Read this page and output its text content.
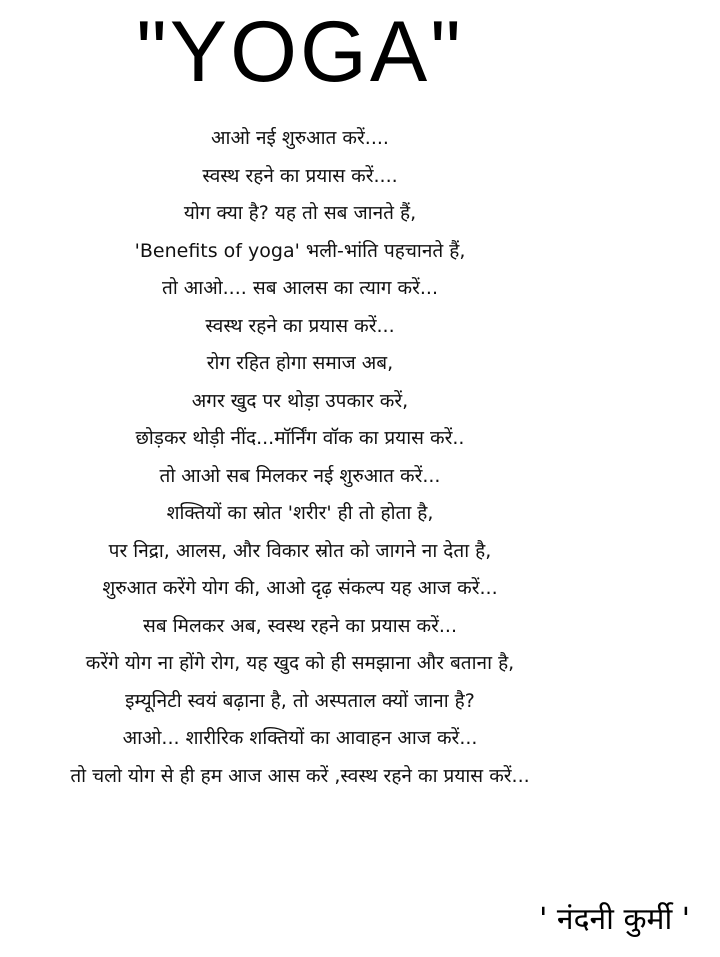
"YOGA"
आओ नई शुरुआत करें....
स्वस्थ रहने का प्रयास करें....
योग क्या है? यह तो सब जानते हैं,
'Benefits of yoga' भली-भांति पहचानते हैं,
तो आओ.... सब आलस का त्याग करें...
स्वस्थ रहने का प्रयास करें...
रोग रहित होगा समाज अब,
अगर खुद पर थोड़ा उपकार करें,
छोड़कर थोड़ी नींद...मॉर्निंग वॉक का प्रयास करें..
तो आओ सब मिलकर नई शुरुआत करें...
शक्तियों का स्रोत 'शरीर' ही तो होता है,
पर निद्रा, आलस, और विकार स्रोत को जागने ना देता है,
शुरुआत करेंगे योग की, आओ दृढ़ संकल्प यह आज करें...
सब मिलकर अब, स्वस्थ रहने का प्रयास करें...
करेंगे योग ना होंगे रोग, यह खुद को ही समझाना और बताना है,
इम्यूनिटी स्वयं बढ़ाना है, तो अस्पताल क्यों जाना है?
आओ... शारीरिक शक्तियों का आवाहन आज करें...
तो चलो योग से ही हम आज आस करें ,स्वस्थ रहने का प्रयास करें...

' नंदनी कुर्मी '
